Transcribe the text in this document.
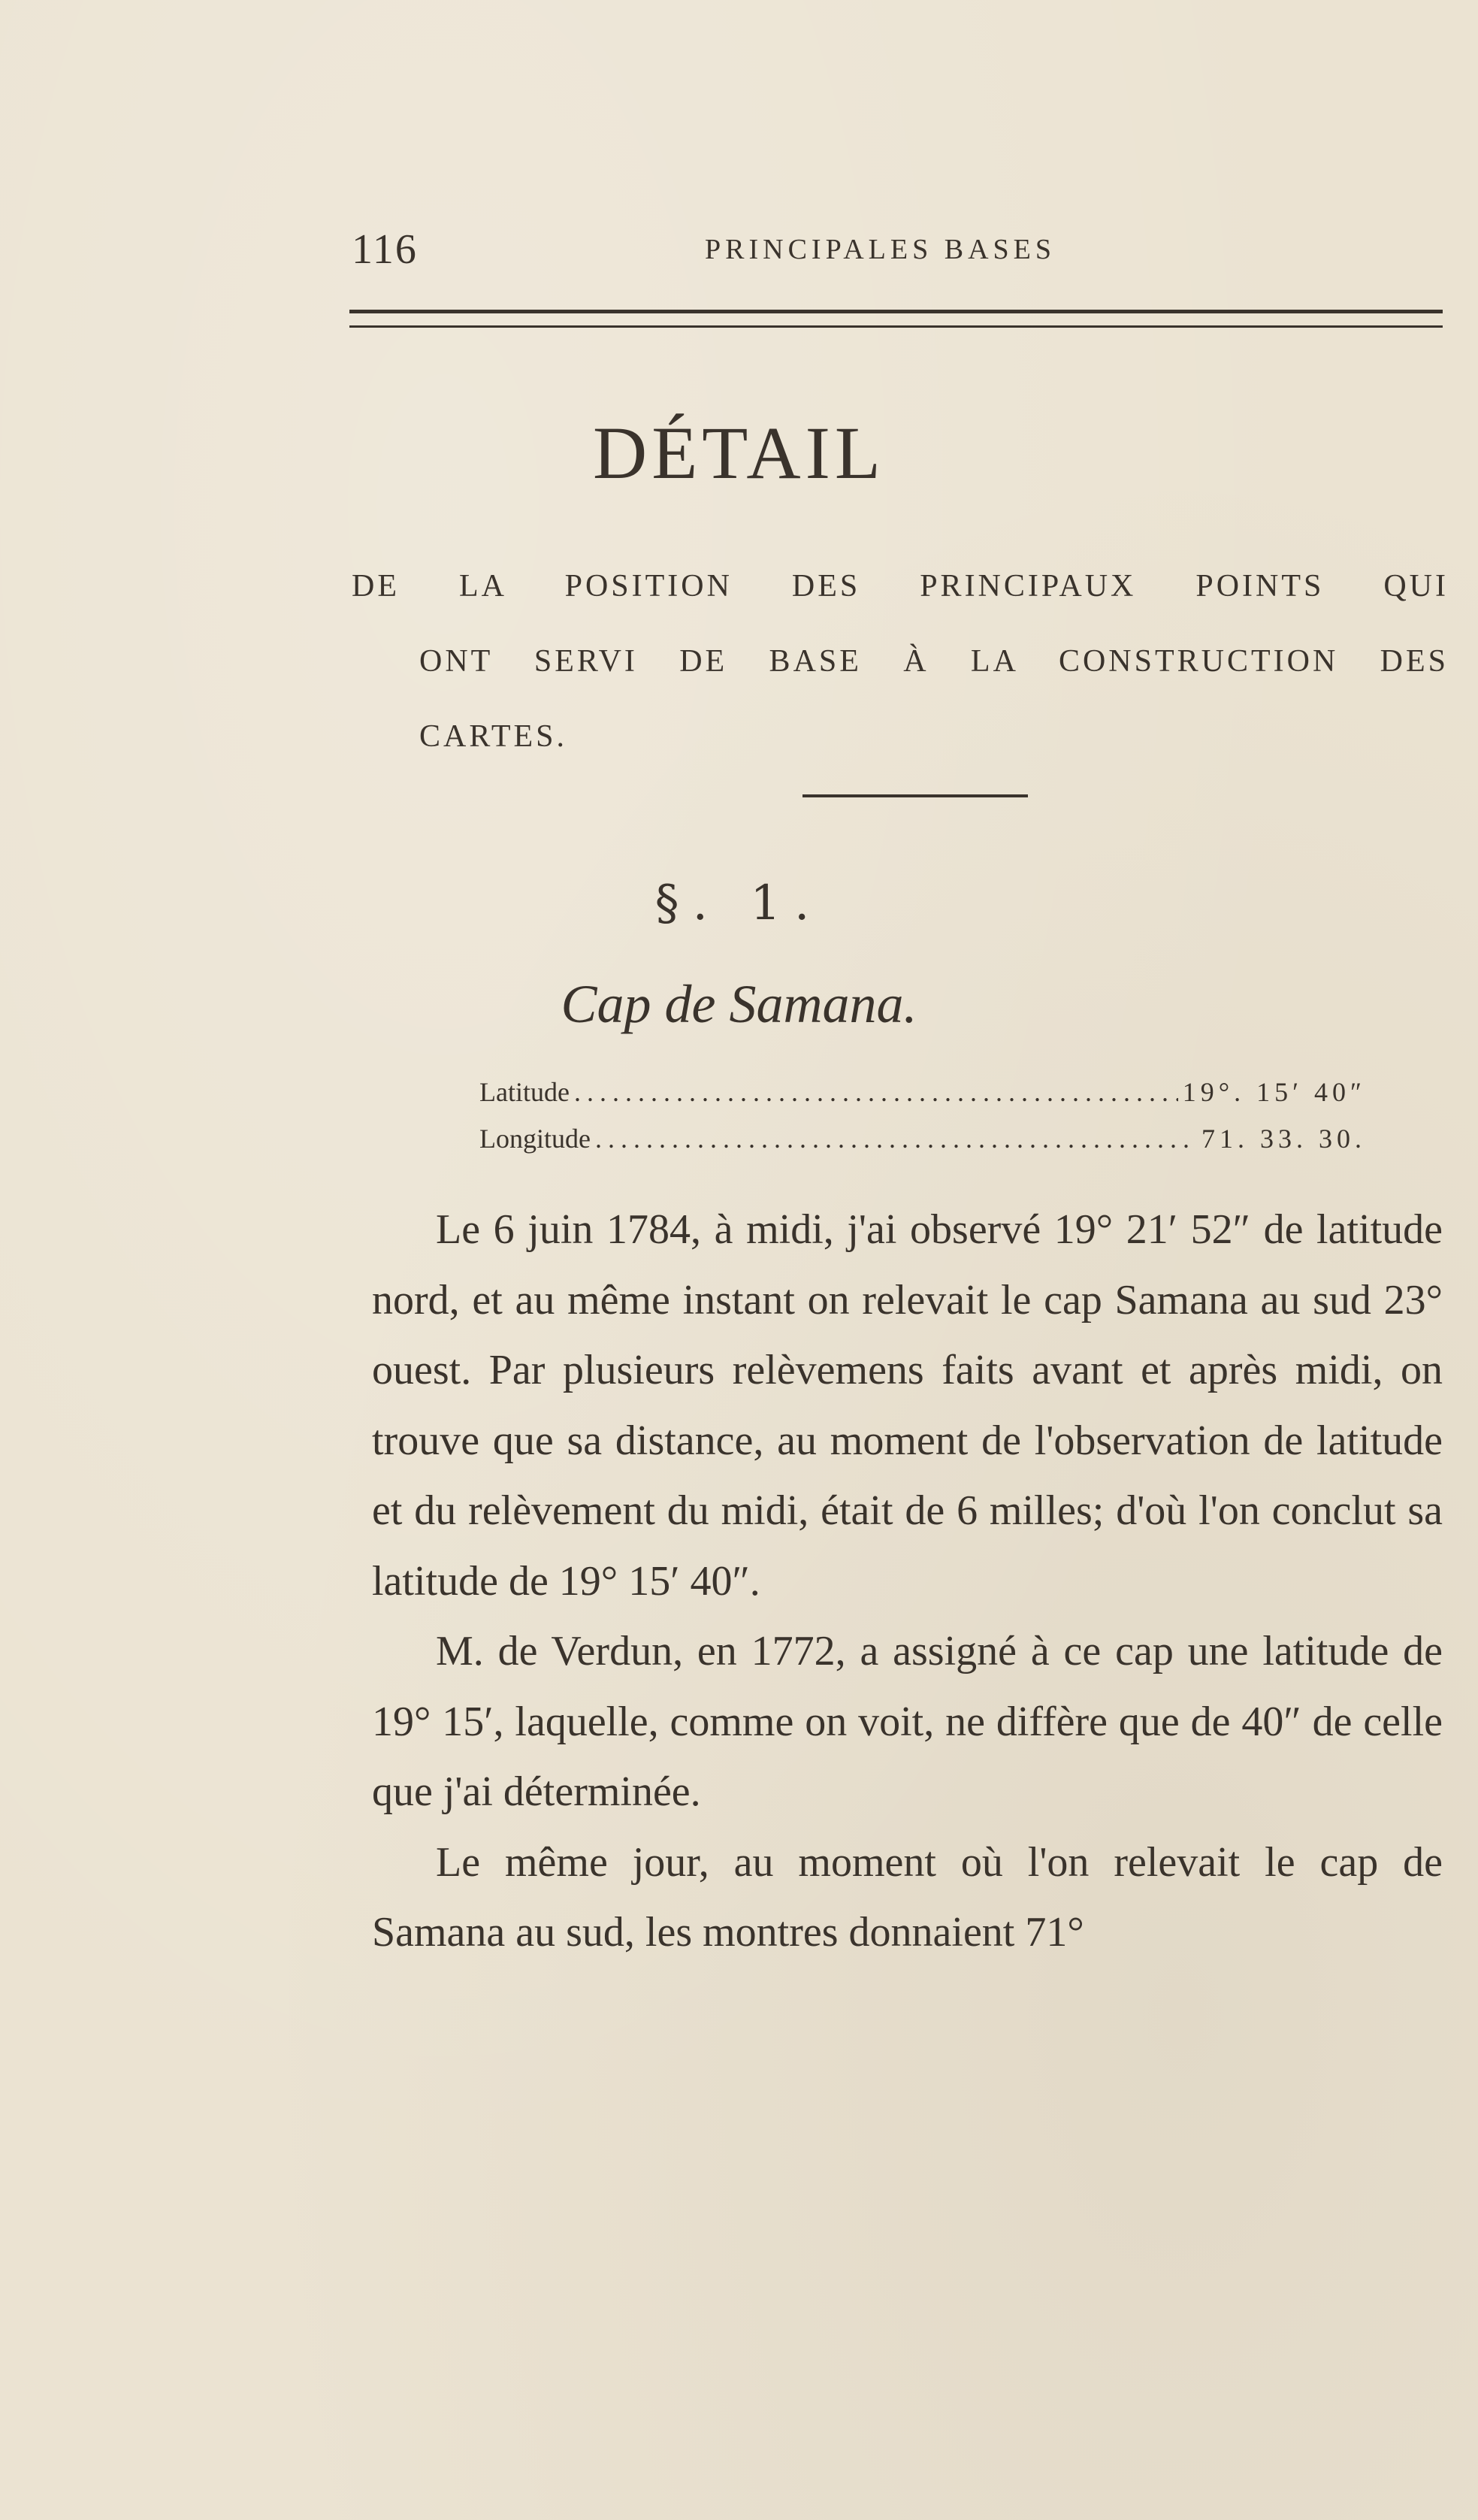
116	PRINCIPALES BASES
DÉTAIL
DE LA POSITION DES PRINCIPAUX POINTS QUI
ONT SERVI DE BASE À LA CONSTRUCTION DES
CARTES.
§. 1.
Cap de Samana.
Latitude .....	19°. 15′ 40″
Longitude .....	71. 33. 30.

Le 6 juin 1784, à midi, j'ai observé 19° 21′ 52″ de latitude nord, et au même instant on relevait le cap Samana au sud 23° ouest. Par plusieurs relèvemens faits avant et après midi, on trouve que sa distance, au moment de l'observation de latitude et du relèvement du midi, était de 6 milles; d'où l'on conclut sa latitude de 19° 15′ 40″.

M. de Verdun, en 1772, a assigné à ce cap une latitude de 19° 15′, laquelle, comme on voit, ne diffère que de 40″ de celle que j'ai déterminée.

Le même jour, au moment où l'on relevait le cap de Samana au sud, les montres donnaient 71°
